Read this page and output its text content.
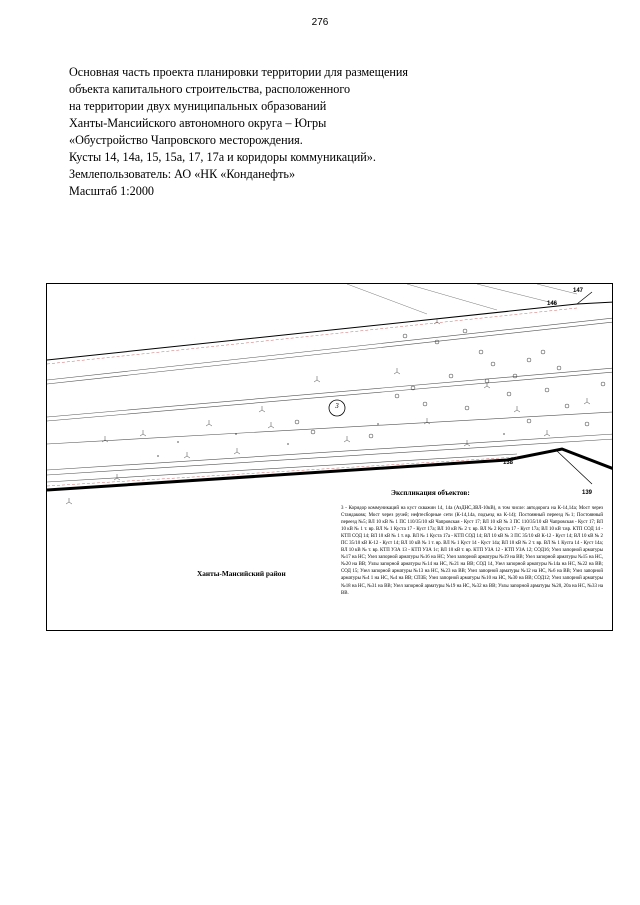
276
Основная часть проекта планировки территории для размещения
объекта капитального строительства, расположенного
на территории двух муниципальных образований
Ханты-Мансийского автономного округа – Югры
«Обустройство Чапровского месторождения.
Кусты 14, 14а, 15, 15а, 17, 17а и коридоры коммуникаций».
Землепользователь: АО «НК «Конданефть»
Масштаб 1:2000
147
146
138
139
3
Ханты-Мансийский район
Экспликация объектов:
3 - Коридор коммуникаций на куст скважин 14, 14а (АзДНС,ЗВЛ-10кВ), в том числе: автодорога на К-14,14а; Мост через Стандаковк; Мост через ручей; нефтесборные сети (К-14,14а, подъезд на К-14); Постоянный переезд №1; Постоянный переезд №5; ВЛ 10 кВ № 1 ПС 110/35/10 кВ Чапровская - Куст 17; ВЛ 10 кВ № 3 ПС 110/35/10 кВ Чапровская - Куст 17; ВЛ 10 кВ № 1 т. вр. ВЛ № 1 Куста 17 - Куст 17а; ВЛ 10 кВ № 2 т. вр. ВЛ № 2 Куста 17 - Куст 17а; ВЛ 10 кВ т.вр. КТП СОД 14 - КТП СОД 14; ВЛ 10 кВ № 1 т. вр. ВЛ № 1 Куста 17а - КТП СОД 14; ВЛ 10 кВ № 3 ПС 35/10 кВ К-12 - Куст 14; ВЛ 10 кВ № 2 ПС 35/10 кВ К-12 - Куст 14; ВЛ 10 кВ № 1 т. вр. ВЛ № 1 Куст 14 - Куст 14а; ВЛ 10 кВ № 2 т. вр. ВЛ № 1 Куста 14 - Куст 14а; ВЛ 10 кВ № т. вр. КТП УЗА 13 - КТП УЗА 1с; ВЛ 10 кВ т. вр. КТП УЗА 12 - КТП УЗА 12; СОД16; Узел запорной арматуры №17 на НС; Узел запорной арматуры №16 на НС; Узел запорной арматуры №19 на ВВ; Узел запорной арматуры №15 на НС, №20 на ВВ; Узлы запорной арматуры №14 на НС, №21 на ВВ; СОД 14, Узел запорной арматуры №14а на НС, №22 на ВВ; СОД 15; Узел запорной арматуры №13 на НС, №23 на ВВ; Узел запорной арматуры №12 на НС, №6 на ВВ; Узел запорной арматуры №4 1 на НС, №4 на ВВ; СПЗБ; Узел запорной арматуры №10 на НС, №30 на ВВ; СОД12; Узел запорной арматуры №18 на НС, №31 на ВВ; Узел запорной арматуры №19 на НС, №32 на ВВ; Узлы запорной арматуры №20, 20а на НС, №33 на ВВ.
